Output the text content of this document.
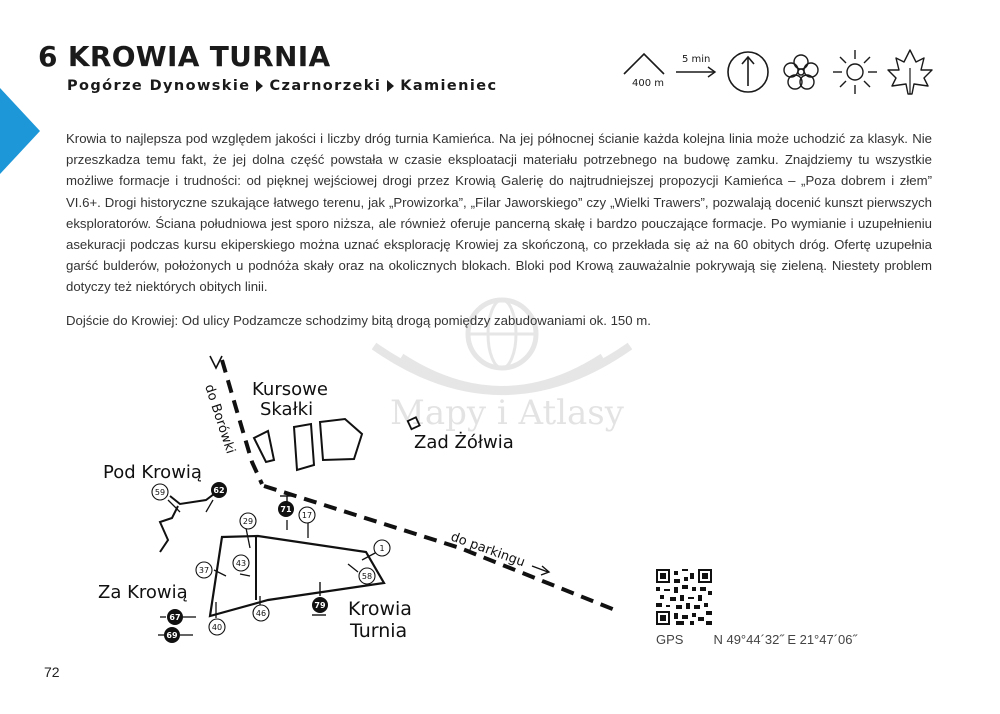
6 KROWIA TURNIA
Pogórze Dynowskie Czarnorzeki Kamieniec	400 m
5 min

Krowia to najlepsza pod względem jakości i liczby dróg turnia Kamieńca. Na jej północnej ścianie każda kolejna linia może uchodzić za klasyk. Nie przeszkadza temu fakt, że jej dolna część powstała w czasie eksploatacji materiału potrzebnego na budowę zamku. Znajdziemy tu wszystkie możliwe formacje i trudności: od pięknej wejściowej drogi przez Krowią Galerię do najtrudniejszej propozycji Kamieńca – „Poza dobrem i złem” VI.6+. Drogi historyczne szukające łatwego terenu, jak „Prowizorka”, „Filar Jaworskiego” czy „Wielki Trawers”, pozwalają docenić kunszt pierwszych eksploratorów. Ściana południowa jest sporo niższa, ale również oferuje pancerną skałę i bardzo pouczające formacje. Po wymianie i uzupełnieniu asekuracji podczas kursu ekiperskiego można uznać eksplorację Krowiej za skończoną, co przekłada się aż na 60 obitych dróg. Ofertę uzupełnia garść bulderów, położonych u podnóża skały oraz na okolicznych blokach. Bloki pod Krową zauważalnie pokrywają się zieleną. Niestety problem dotyczy też niektórych obitych linii.

Dojście do Krowiej: Od ulicy Podzamcze schodzimy bitą drogą pomiędzy zabudowaniami ok. 150 m.

Mapy i Atlasy
do Borówki
do parkingu
Kursowe
Skałki
Zad Żółwia
Pod Krowią
Za Krowią
Krowia
Turnia
59	62
29
71
17
1
37
43
58
46
79
67
69
40
GPS N 49°44´32˝ E 21°47´06˝
72
